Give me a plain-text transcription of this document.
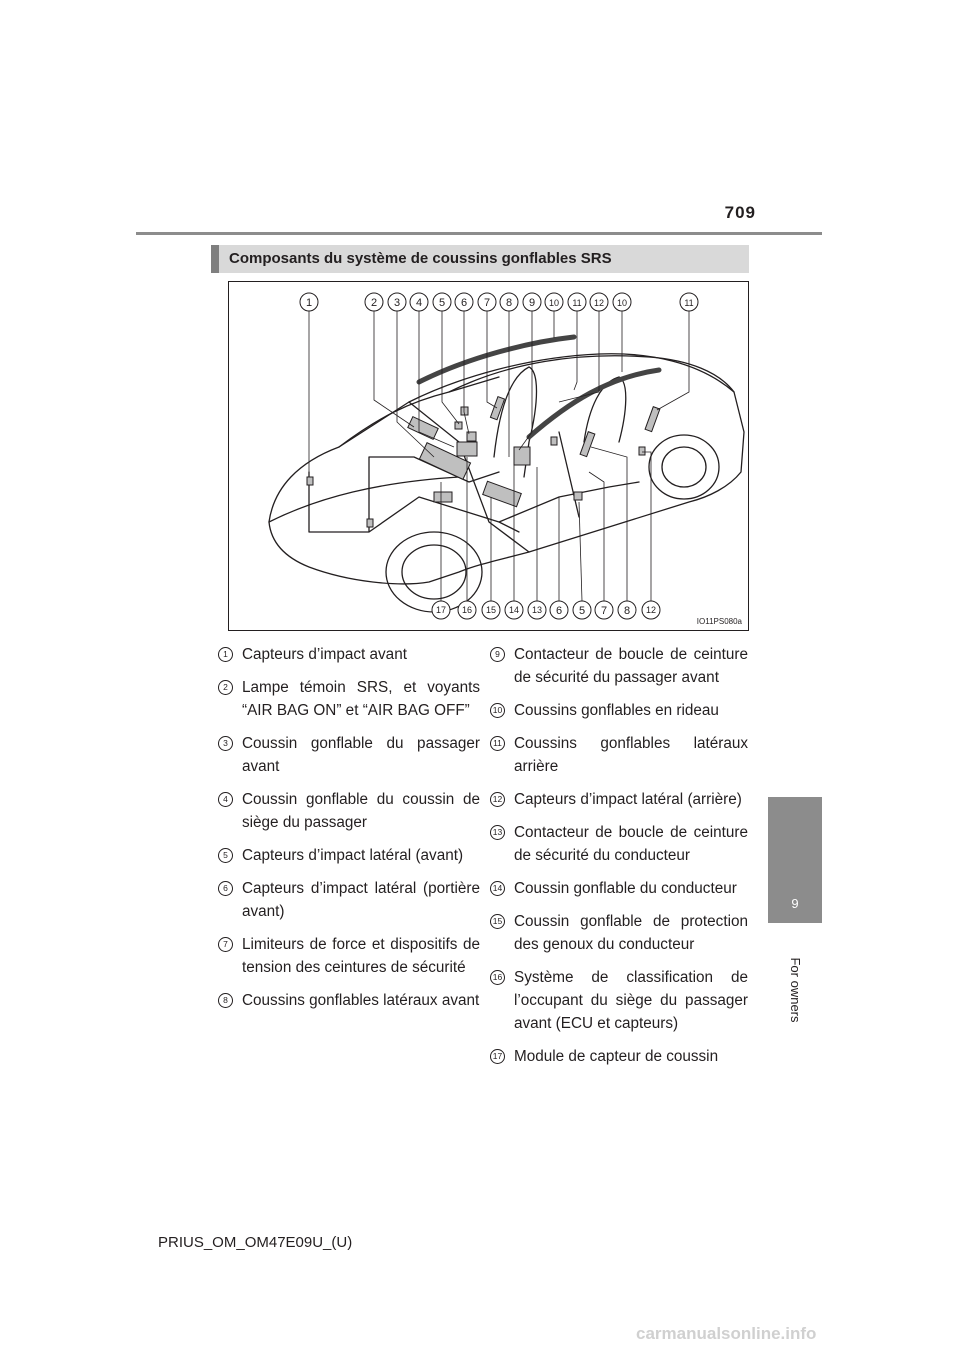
709
9
For owners
Composants du système de coussins gonflables SRS
1	2 3 4 5 6 7 8 9 10 11 12 10	11
17 16 15 14 13 6 5 7 8 12
IO11PS080a
1 Capteurs d’impact avant
2 Lampe témoin SRS, et voyants “AIR BAG ON” et “AIR BAG OFF”
3 Coussin gonflable du passager avant
4 Coussin gonflable du coussin de siège du passager
5 Capteurs d’impact latéral (avant)
6 Capteurs d’impact latéral (portière avant)
7 Limiteurs de force et dispositifs de tension des ceintures de sécurité
8 Coussins gonflables latéraux avant
9 Contacteur de boucle de ceinture de sécurité du passager avant
10 Coussins gonflables en rideau
11 Coussins gonflables latéraux arrière
12 Capteurs d’impact latéral (arrière)
13 Contacteur de boucle de ceinture de sécurité du conducteur
14 Coussin gonflable du conducteur
15 Coussin gonflable de protection des genoux du conducteur
16 Système de classification de l’occupant du siège du passager avant (ECU et capteurs)
17 Module de capteur de coussin
PRIUS_OM_OM47E09U_(U)
carmanualsonline.info
